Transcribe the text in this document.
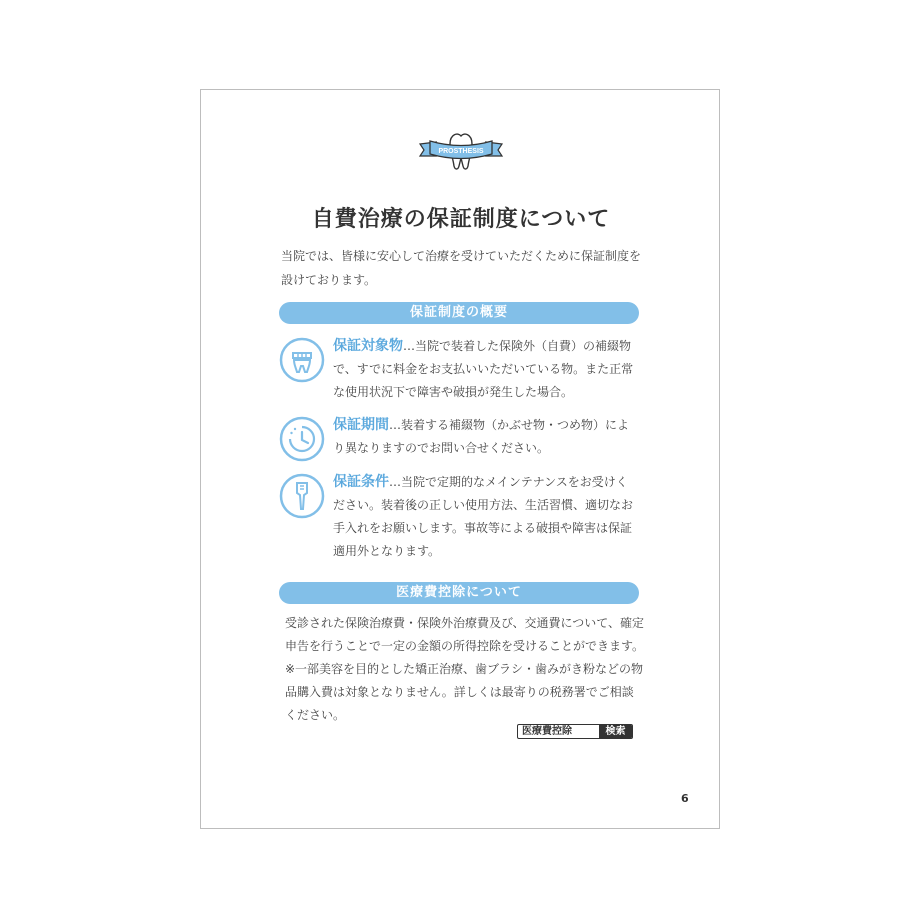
PROSTHESIS
自費治療の保証制度について
当院では、皆様に安心して治療を受けていただくために保証制度を設けております。
保証制度の概要
保証対象物…当院で装着した保険外（自費）の補綴物で、すでに料金をお支払いいただいている物。また正常な使用状況下で障害や破損が発生した場合。
保証期間…装着する補綴物（かぶせ物・つめ物）により異なりますのでお問い合せください。
保証条件…当院で定期的なメインテナンスをお受けください。装着後の正しい使用方法、生活習慣、適切なお手入れをお願いします。事故等による破損や障害は保証適用外となります。
医療費控除について
受診された保険治療費・保険外治療費及び、交通費について、確定申告を行うことで一定の金額の所得控除を受けることができます。
※一部美容を目的とした矯正治療、歯ブラシ・歯みがき粉などの物品購入費は対象となりません。詳しくは最寄りの税務署でご相談ください。
医療費控除	検索
6
